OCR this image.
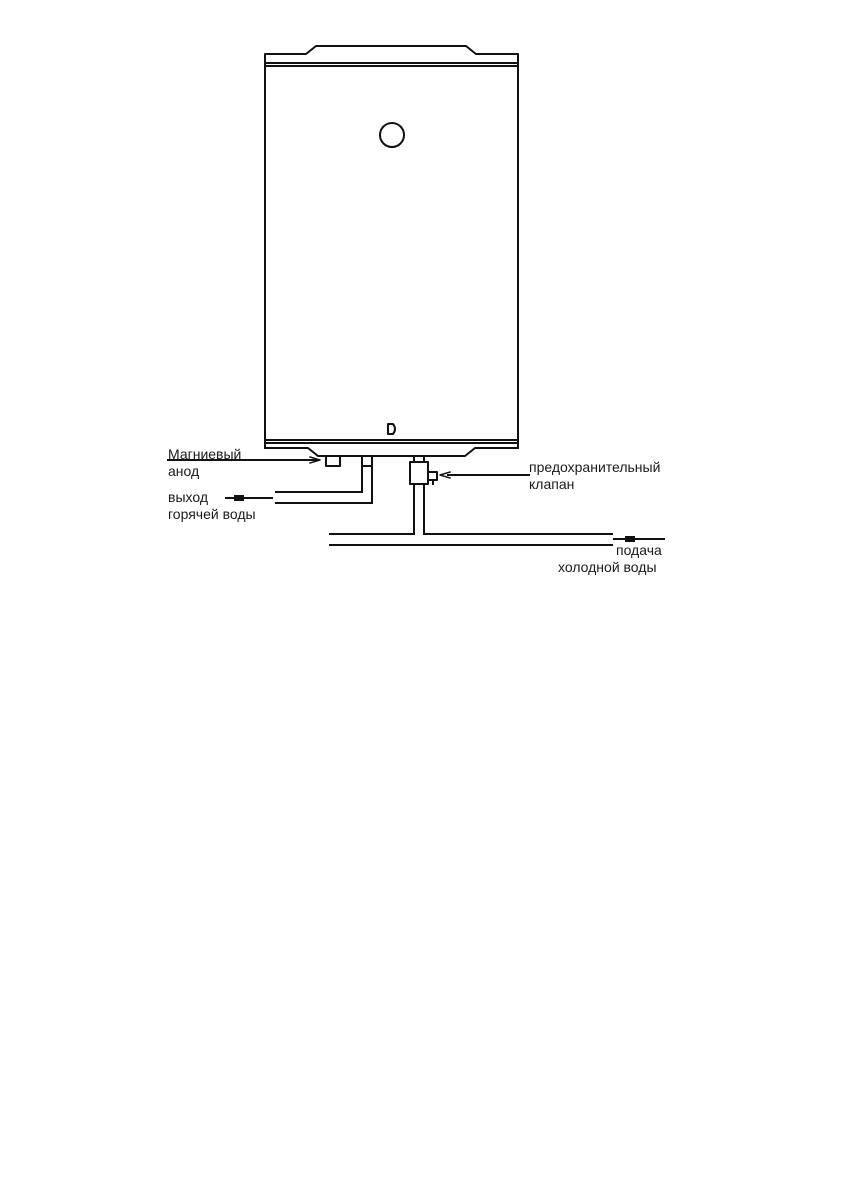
Магниевый
анод
выход
горячей воды
предохранительный
клапан
подача
холодной воды
